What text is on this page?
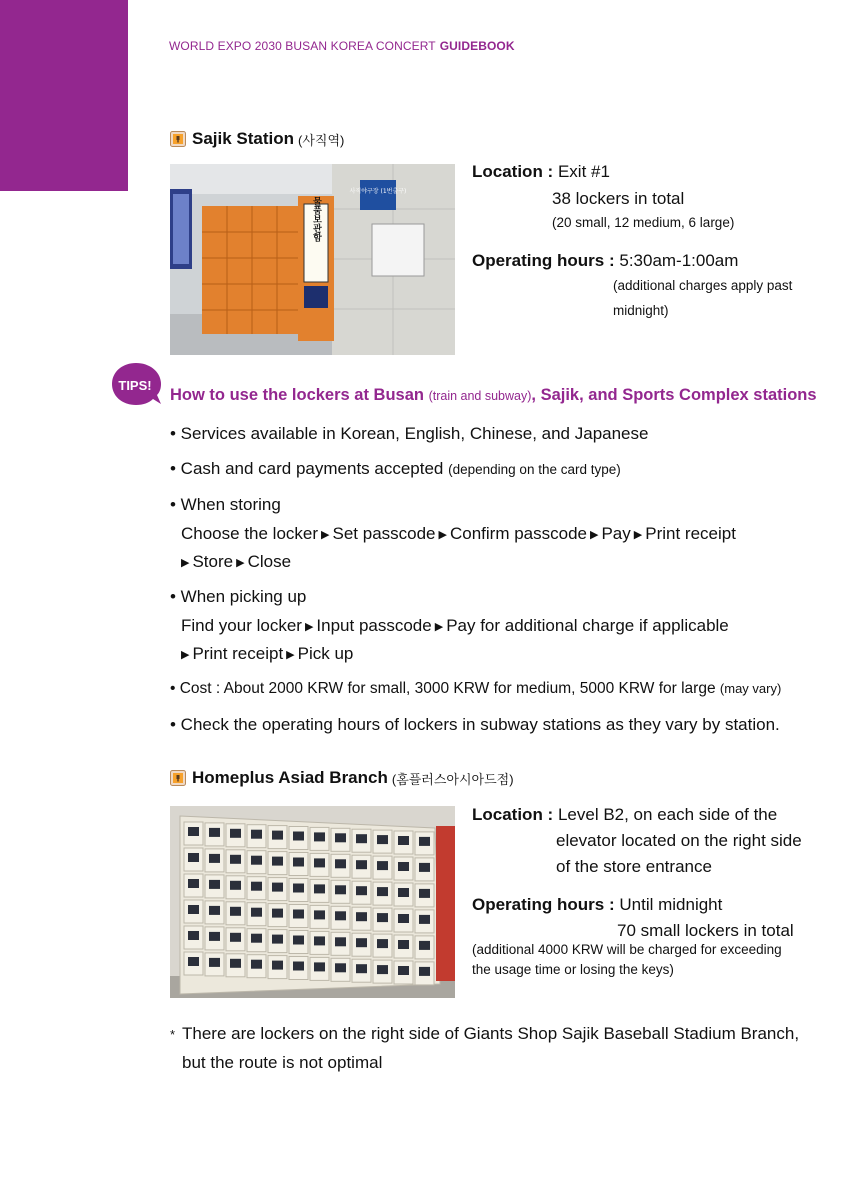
WORLD EXPO 2030 BUSAN KOREA CONCERT GUIDEBOOK
Sajik Station (사직역)
사직야구장 (1번출구)
물품보관함
Location : Exit #1
38 lockers in total
(20 small, 12 medium, 6 large)
Operating hours : 5:30am-1:00am
(additional charges apply past
midnight)
TIPS!
How to use the lockers at Busan (train and subway), Sajik, and Sports Complex stations
• Services available in Korean, English, Chinese, and Japanese
• Cash and card payments accepted (depending on the card type)
• When storing
Choose the locker ▶ Set passcode ▶ Confirm passcode ▶ Pay ▶ Print receipt
▶ Store ▶ Close
• When picking up
Find your locker ▶ Input passcode ▶ Pay for additional charge if applicable
▶ Print receipt ▶ Pick up
• Cost : About 2000 KRW for small, 3000 KRW for medium, 5000 KRW for large (may vary)
• Check the operating hours of lockers in subway stations as they vary by station.
Homeplus Asiad Branch (홈플러스아시아드점)
Location : Level B2, on each side of the
elevator located on the right side
of the store entrance
Operating hours : Until midnight
70 small lockers in total
(additional 4000 KRW will be charged for exceeding
the usage time or losing the keys)
* There are lockers on the right side of Giants Shop Sajik Baseball Stadium Branch,
but the route is not optimal
